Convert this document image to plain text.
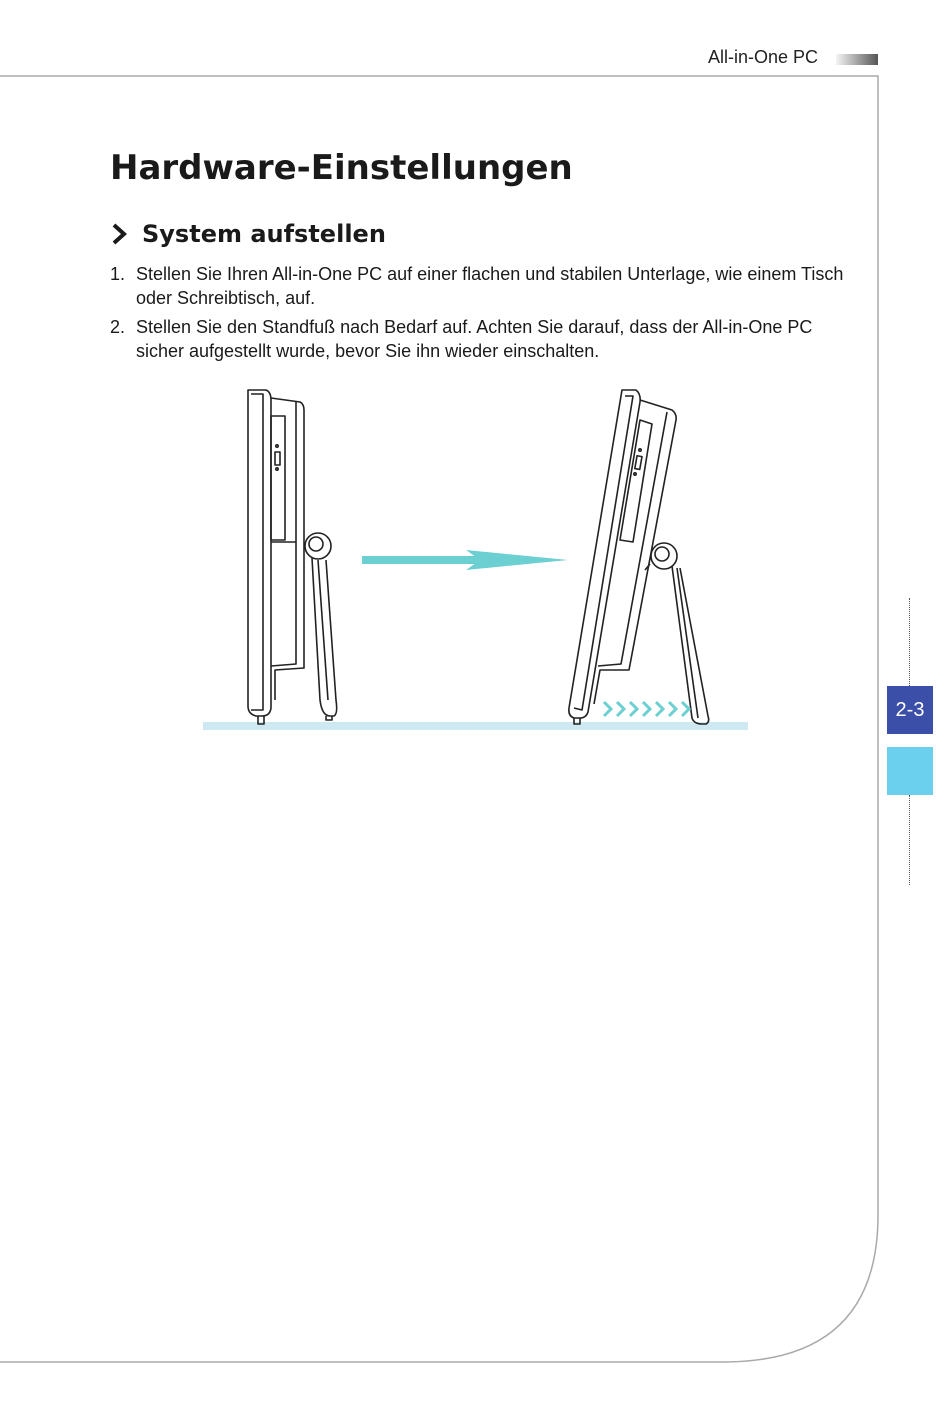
All-in-One PC
Hardware-Einstellungen
System aufstellen
1. Stellen Sie Ihren All-in-One PC auf einer flachen und stabilen Unterlage, wie einem Tisch oder Schreibtisch, auf.
2. Stellen Sie den Standfuß nach Bedarf auf. Achten Sie darauf, dass der All-in-One PC sicher aufgestellt wurde, bevor Sie ihn wieder einschalten.
2-3
